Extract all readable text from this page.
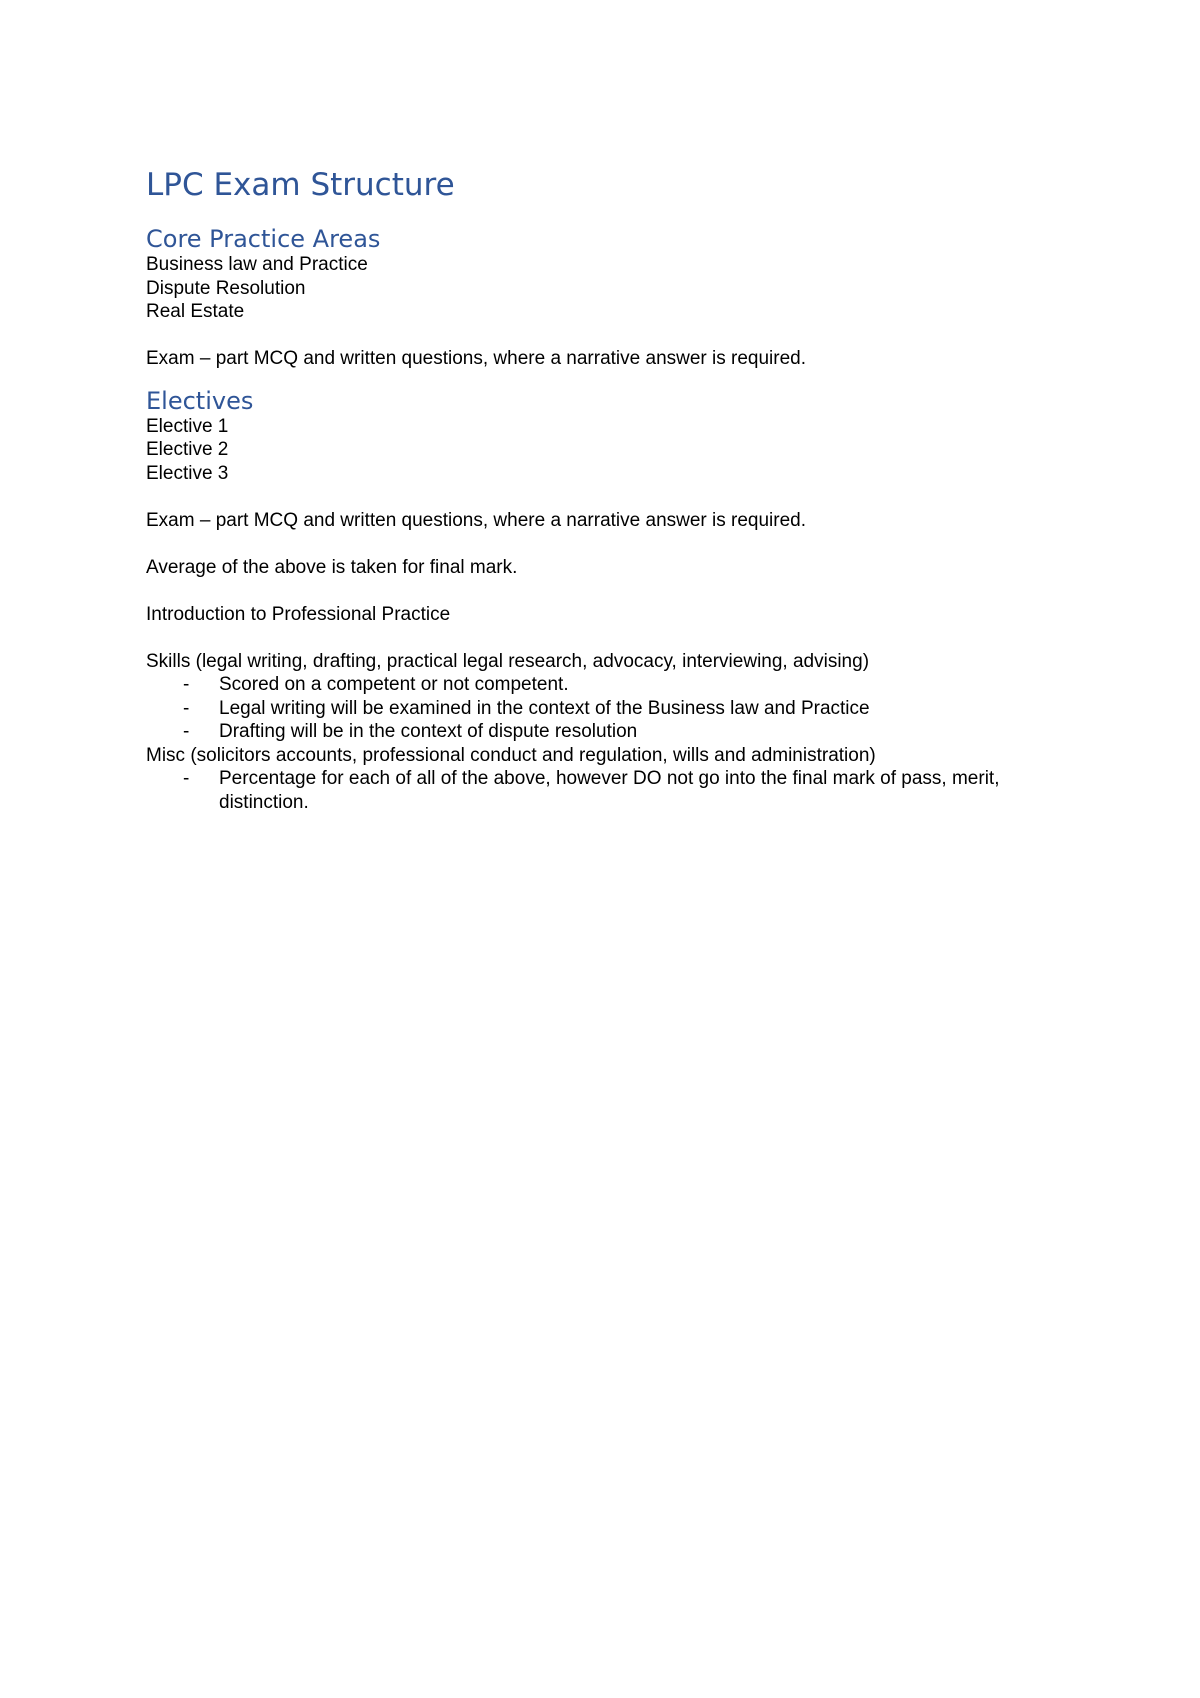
LPC Exam Structure
Core Practice Areas

Business law and Practice

Dispute Resolution

Real Estate

Exam – part MCQ and written questions, where a narrative answer is required.

Electives

Elective 1

Elective 2

Elective 3

Exam – part MCQ and written questions, where a narrative answer is required.

Average of the above is taken for final mark.

Introduction to Professional Practice

Skills (legal writing, drafting, practical legal research, advocacy, interviewing, advising)

- Scored on a competent or not competent.
- Legal writing will be examined in the context of the Business law and Practice
- Drafting will be in the context of dispute resolution

Misc (solicitors accounts, professional conduct and regulation, wills and administration)

- Percentage for each of all of the above, however DO not go into the final mark of pass, merit, distinction.
